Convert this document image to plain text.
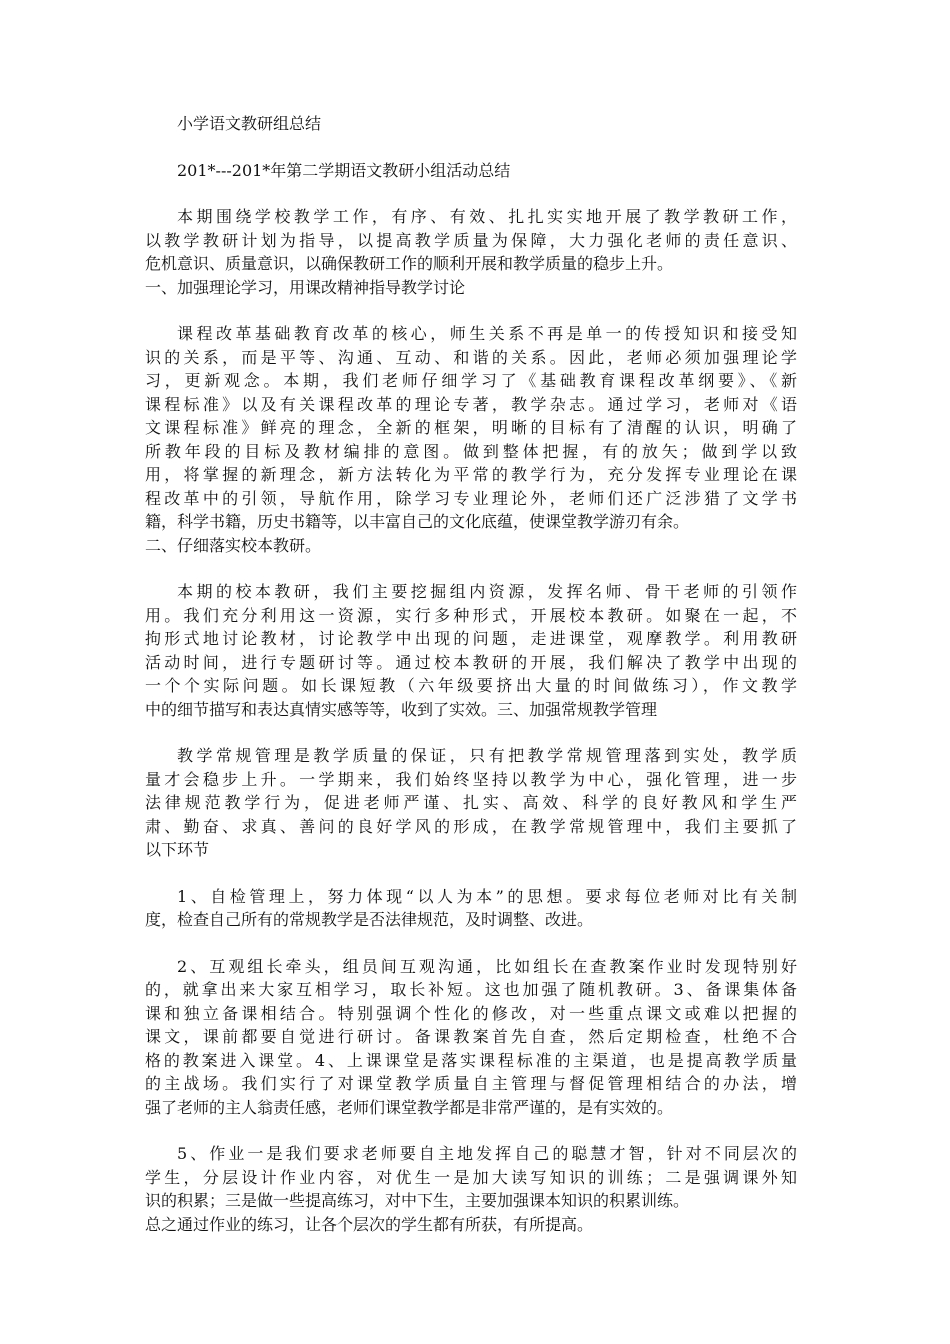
小学语文教研组总结
201*---201*年第二学期语文教研小组活动总结
本期围绕学校教学工作，有序、有效、扎扎实实地开展了教学教研工作，
以教学教研计划为指导，以提高教学质量为保障，大力强化老师的责任意识、
危机意识、质量意识，以确保教研工作的顺利开展和教学质量的稳步上升。
一、加强理论学习，用课改精神指导教学讨论
课程改革基础教育改革的核心，师生关系不再是单一的传授知识和接受知
识的关系，而是平等、沟通、互动、和谐的关系。因此，老师必须加强理论学
习，更新观念。本期，我们老师仔细学习了《基础教育课程改革纲要》、《新
课程标准》以及有关课程改革的理论专著，教学杂志。通过学习，老师对《语
文课程标准》鲜亮的理念，全新的框架，明晰的目标有了清醒的认识，明确了
所教年段的目标及教材编排的意图。做到整体把握，有的放矢；做到学以致
用，将掌握的新理念，新方法转化为平常的教学行为，充分发挥专业理论在课
程改革中的引领，导航作用，除学习专业理论外，老师们还广泛涉猎了文学书
籍，科学书籍，历史书籍等，以丰富自己的文化底蕴，使课堂教学游刃有余。
二、仔细落实校本教研。
本期的校本教研，我们主要挖掘组内资源，发挥名师、骨干老师的引领作
用。我们充分利用这一资源，实行多种形式，开展校本教研。如聚在一起，不
拘形式地讨论教材，讨论教学中出现的问题，走进课堂，观摩教学。利用教研
活动时间，进行专题研讨等。通过校本教研的开展，我们解决了教学中出现的
一个个实际问题。如长课短教（六年级要挤出大量的时间做练习），作文教学
中的细节描写和表达真情实感等等，收到了实效。三、加强常规教学管理
教学常规管理是教学质量的保证，只有把教学常规管理落到实处，教学质
量才会稳步上升。一学期来，我们始终坚持以教学为中心，强化管理，进一步
法律规范教学行为，促进老师严谨、扎实、高效、科学的良好教风和学生严
肃、勤奋、求真、善问的良好学风的形成，在教学常规管理中，我们主要抓了
以下环节
1、自检管理上，努力体现“以人为本”的思想。要求每位老师对比有关制
度，检查自己所有的常规教学是否法律规范，及时调整、改进。
2、互观组长牵头，组员间互观沟通，比如组长在查教案作业时发现特别好
的，就拿出来大家互相学习，取长补短。这也加强了随机教研。3、备课集体备
课和独立备课相结合。特别强调个性化的修改，对一些重点课文或难以把握的
课文，课前都要自觉进行研讨。备课教案首先自查，然后定期检查，杜绝不合
格的教案进入课堂。4、上课课堂是落实课程标准的主渠道，也是提高教学质量
的主战场。我们实行了对课堂教学质量自主管理与督促管理相结合的办法，增
强了老师的主人翁责任感，老师们课堂教学都是非常严谨的，是有实效的。
5、作业一是我们要求老师要自主地发挥自己的聪慧才智，针对不同层次的
学生，分层设计作业内容，对优生一是加大读写知识的训练；二是强调课外知
识的积累；三是做一些提高练习，对中下生，主要加强课本知识的积累训练。
总之通过作业的练习，让各个层次的学生都有所获，有所提高。
